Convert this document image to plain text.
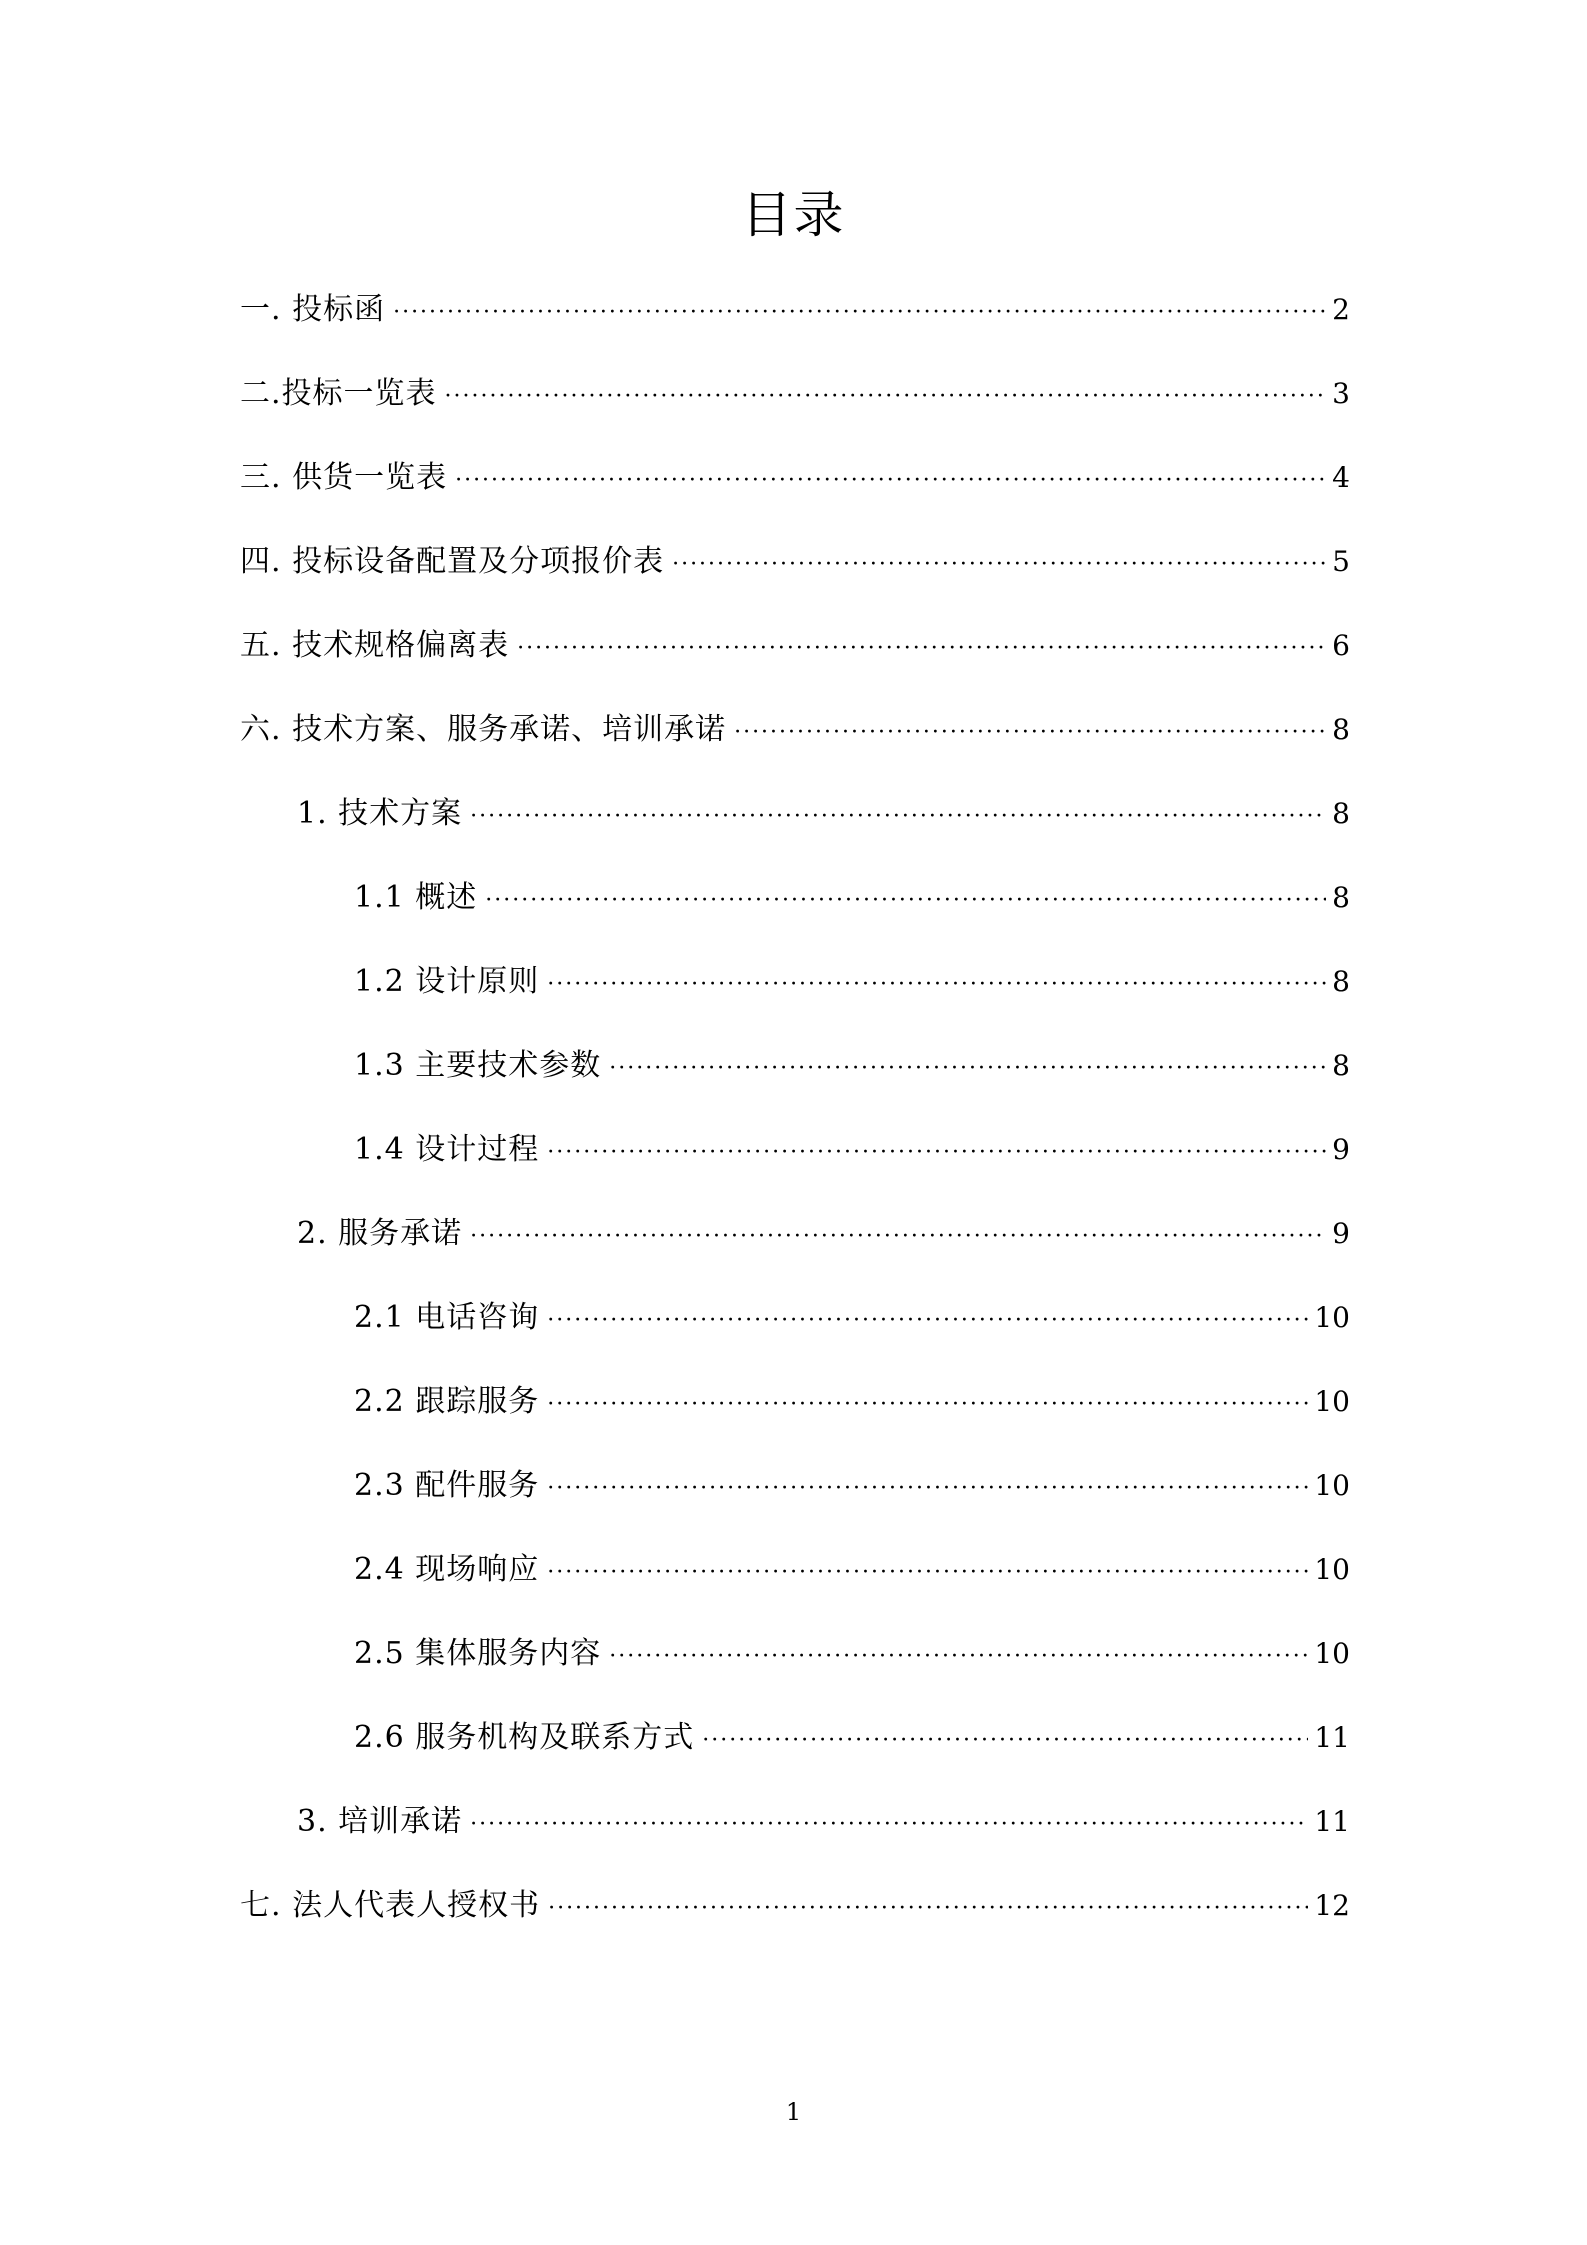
目录
一. 投标函 ·····	2
二.投标一览表 ·····	3
三. 供货一览表 ·····	4
四. 投标设备配置及分项报价表 ·····	5
五. 技术规格偏离表 ·····	6
六. 技术方案、服务承诺、培训承诺 ·····	8
1. 技术方案 ·····	8
1.1 概述 ·····	8
1.2 设计原则 ·····	8
1.3 主要技术参数 ·····	8
1.4 设计过程 ·····	9
2. 服务承诺 ·····	9
2.1 电话咨询 ·····	10
2.2 跟踪服务 ·····	10
2.3 配件服务 ·····	10
2.4 现场响应 ·····	10
2.5 集体服务内容 ·····	10
2.6 服务机构及联系方式 ·····	11
3. 培训承诺 ·····	11
七. 法人代表人授权书 ·····	12
1
